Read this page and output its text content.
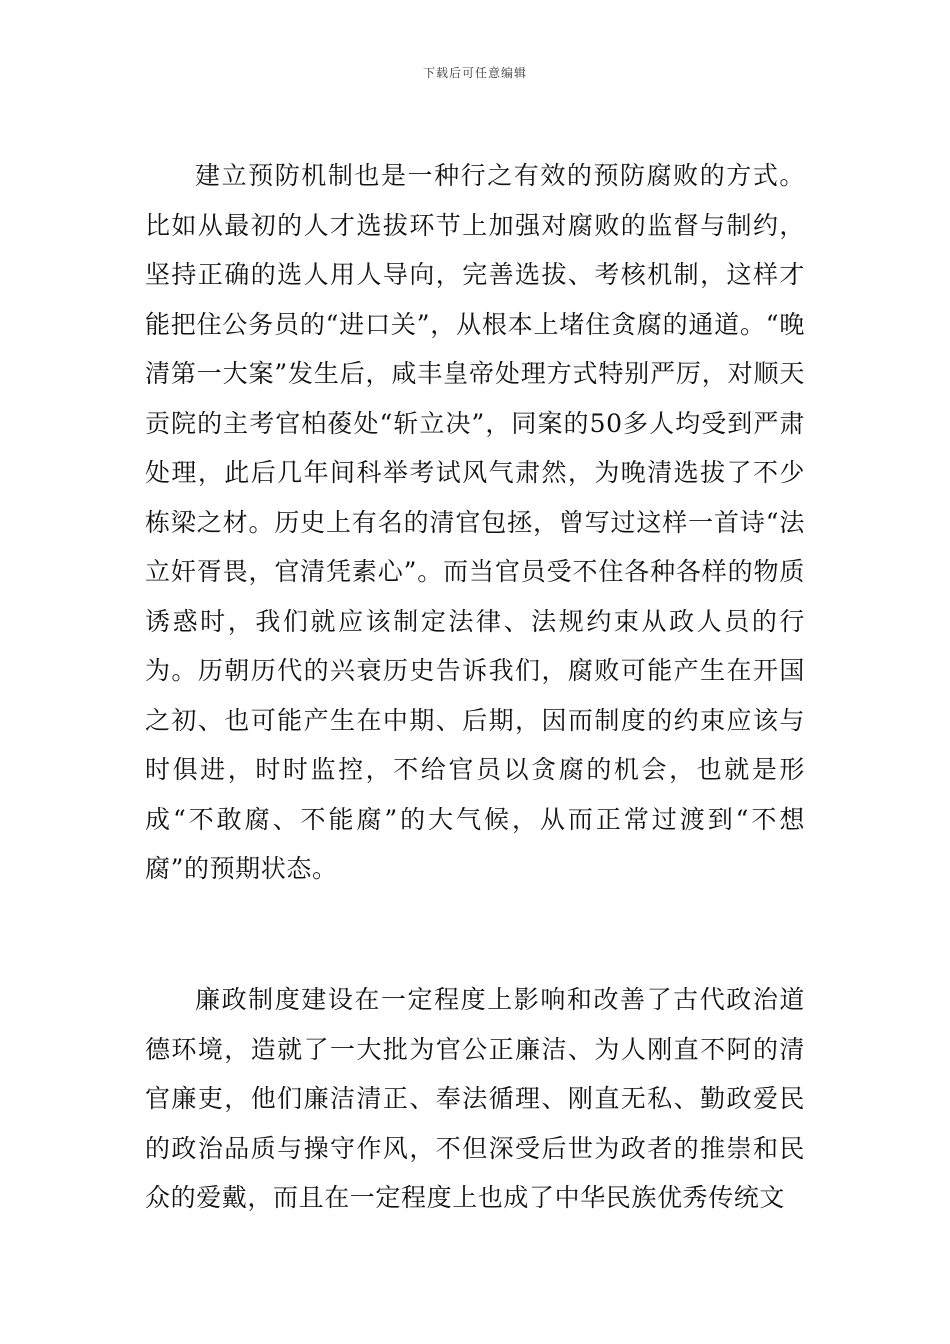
下载后可任意编辑

建立预防机制也是一种行之有效的预防腐败的方式。比如从最初的人才选拔环节上加强对腐败的监督与制约，坚持正确的选人用人导向，完善选拔、考核机制，这样才能把住公务员的“进口关”，从根本上堵住贪腐的通道。“晚清第一大案”发生后，咸丰皇帝处理方式特别严厉，对顺天贡院的主考官柏葰处“斩立决”，同案的50多人均受到严肃处理，此后几年间科举考试风气肃然，为晚清选拔了不少栋梁之材。历史上有名的清官包拯，曾写过这样一首诗“法立奸胥畏，官清凭素心”。而当官员受不住各种各样的物质诱惑时，我们就应该制定法律、法规约束从政人员的行为。历朝历代的兴衰历史告诉我们，腐败可能产生在开国之初、也可能产生在中期、后期，因而制度的约束应该与时俱进，时时监控，不给官员以贪腐的机会，也就是形成“不敢腐、不能腐”的大气候，从而正常过渡到“不想腐”的预期状态。

廉政制度建设在一定程度上影响和改善了古代政治道德环境，造就了一大批为官公正廉洁、为人刚直不阿的清官廉吏，他们廉洁清正、奉法循理、刚直无私、勤政爱民的政治品质与操守作风，不但深受后世为政者的推崇和民众的爱戴，而且在一定程度上也成了中华民族优秀传统文
